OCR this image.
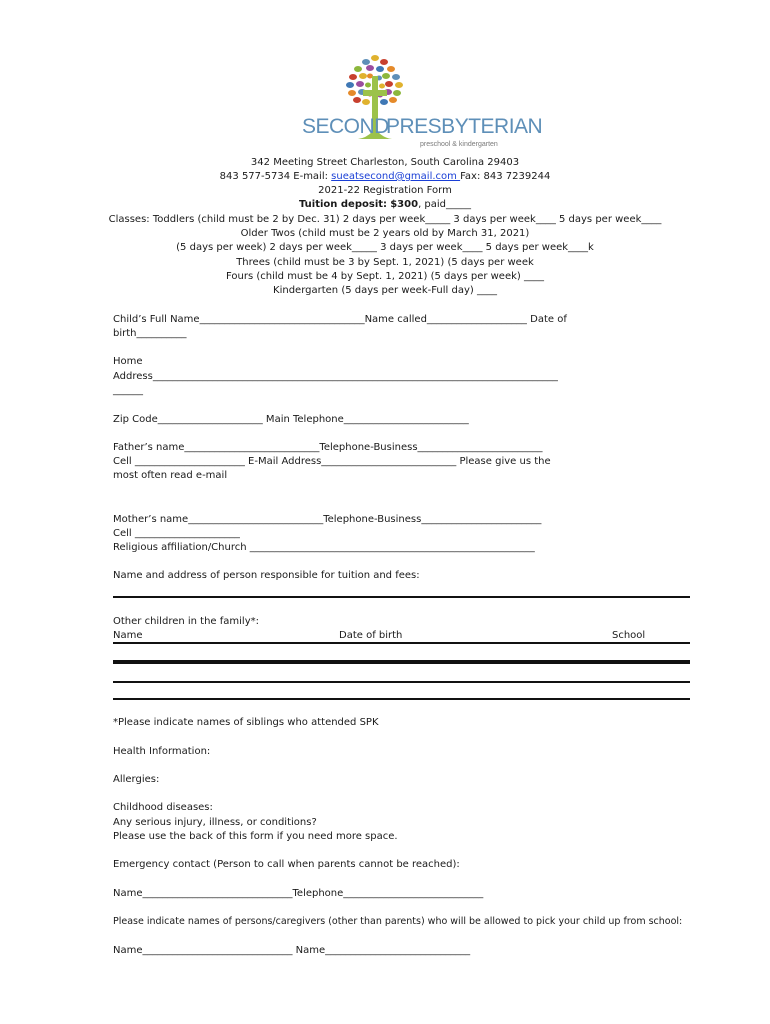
SECOND
PRESBYTERIAN
preschool & kindergarten
342 Meeting Street Charleston, South Carolina 29403
843 577-5734 E-mail: sueatsecond@gmail.com Fax: 843 7239244
2021-22 Registration Form
Tuition deposit: $300, paid_____
Classes: Toddlers (child must be 2 by Dec. 31) 2 days per week_____ 3 days per week____ 5 days per week____
Older Twos (child must be 2 years old by March 31, 2021)
(5 days per week) 2 days per week_____ 3 days per week____ 5 days per week____k
Threes (child must be 3 by Sept. 1, 2021) (5 days per week
Fours (child must be 4 by Sept. 1, 2021) (5 days per week) ____
Kindergarten (5 days per week-Full day) ____
Child’s Full Name_________________________________Name called____________________ Date of
birth__________
Home
Address_________________________________________________________________________________
______
Zip Code_____________________ Main Telephone_________________________
Father’s name___________________________Telephone-Business_________________________
Cell ______________________ E-Mail Address___________________________ Please give us the
most often read e-mail
Mother’s name___________________________Telephone-Business________________________
Cell _____________________
Religious affiliation/Church _________________________________________________________
Name and address of person responsible for tuition and fees:
Other children in the family*:
Name	Date of birth	School
*Please indicate names of siblings who attended SPK
Health Information:
Allergies:
Childhood diseases:
Any serious injury, illness, or conditions?
Please use the back of this form if you need more space.
Emergency contact (Person to call when parents cannot be reached):
Name______________________________Telephone____________________________
Please indicate names of persons/caregivers (other than parents) who will be allowed to pick your child up from school:
Name______________________________ Name_____________________________
